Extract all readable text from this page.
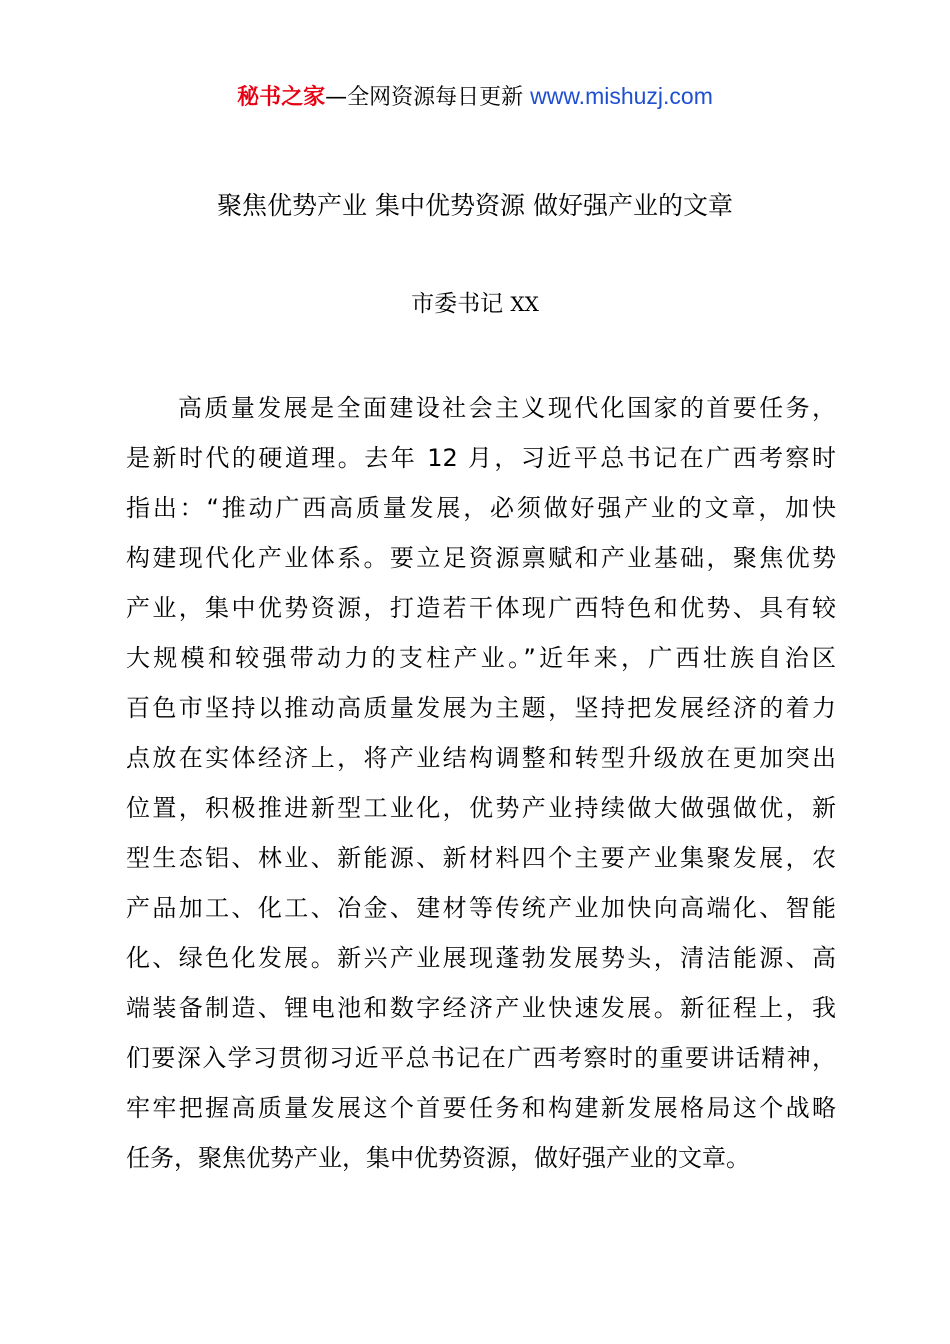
秘书之家—全网资源每日更新 www.mishuzj.com
聚焦优势产业 集中优势资源 做好强产业的文章
市委书记 XX
高质量发展是全面建设社会主义现代化国家的首要任务，
是新时代的硬道理。去年 12 月，习近平总书记在广西考察时
指出：“推动广西高质量发展，必须做好强产业的文章，加快
构建现代化产业体系。要立足资源禀赋和产业基础，聚焦优势
产业，集中优势资源，打造若干体现广西特色和优势、具有较
大规模和较强带动力的支柱产业。”近年来，广西壮族自治区
百色市坚持以推动高质量发展为主题，坚持把发展经济的着力
点放在实体经济上，将产业结构调整和转型升级放在更加突出
位置，积极推进新型工业化，优势产业持续做大做强做优，新
型生态铝、林业、新能源、新材料四个主要产业集聚发展，农
产品加工、化工、冶金、建材等传统产业加快向高端化、智能
化、绿色化发展。新兴产业展现蓬勃发展势头，清洁能源、高
端装备制造、锂电池和数字经济产业快速发展。新征程上，我
们要深入学习贯彻习近平总书记在广西考察时的重要讲话精神，
牢牢把握高质量发展这个首要任务和构建新发展格局这个战略
任务，聚焦优势产业，集中优势资源，做好强产业的文章。
